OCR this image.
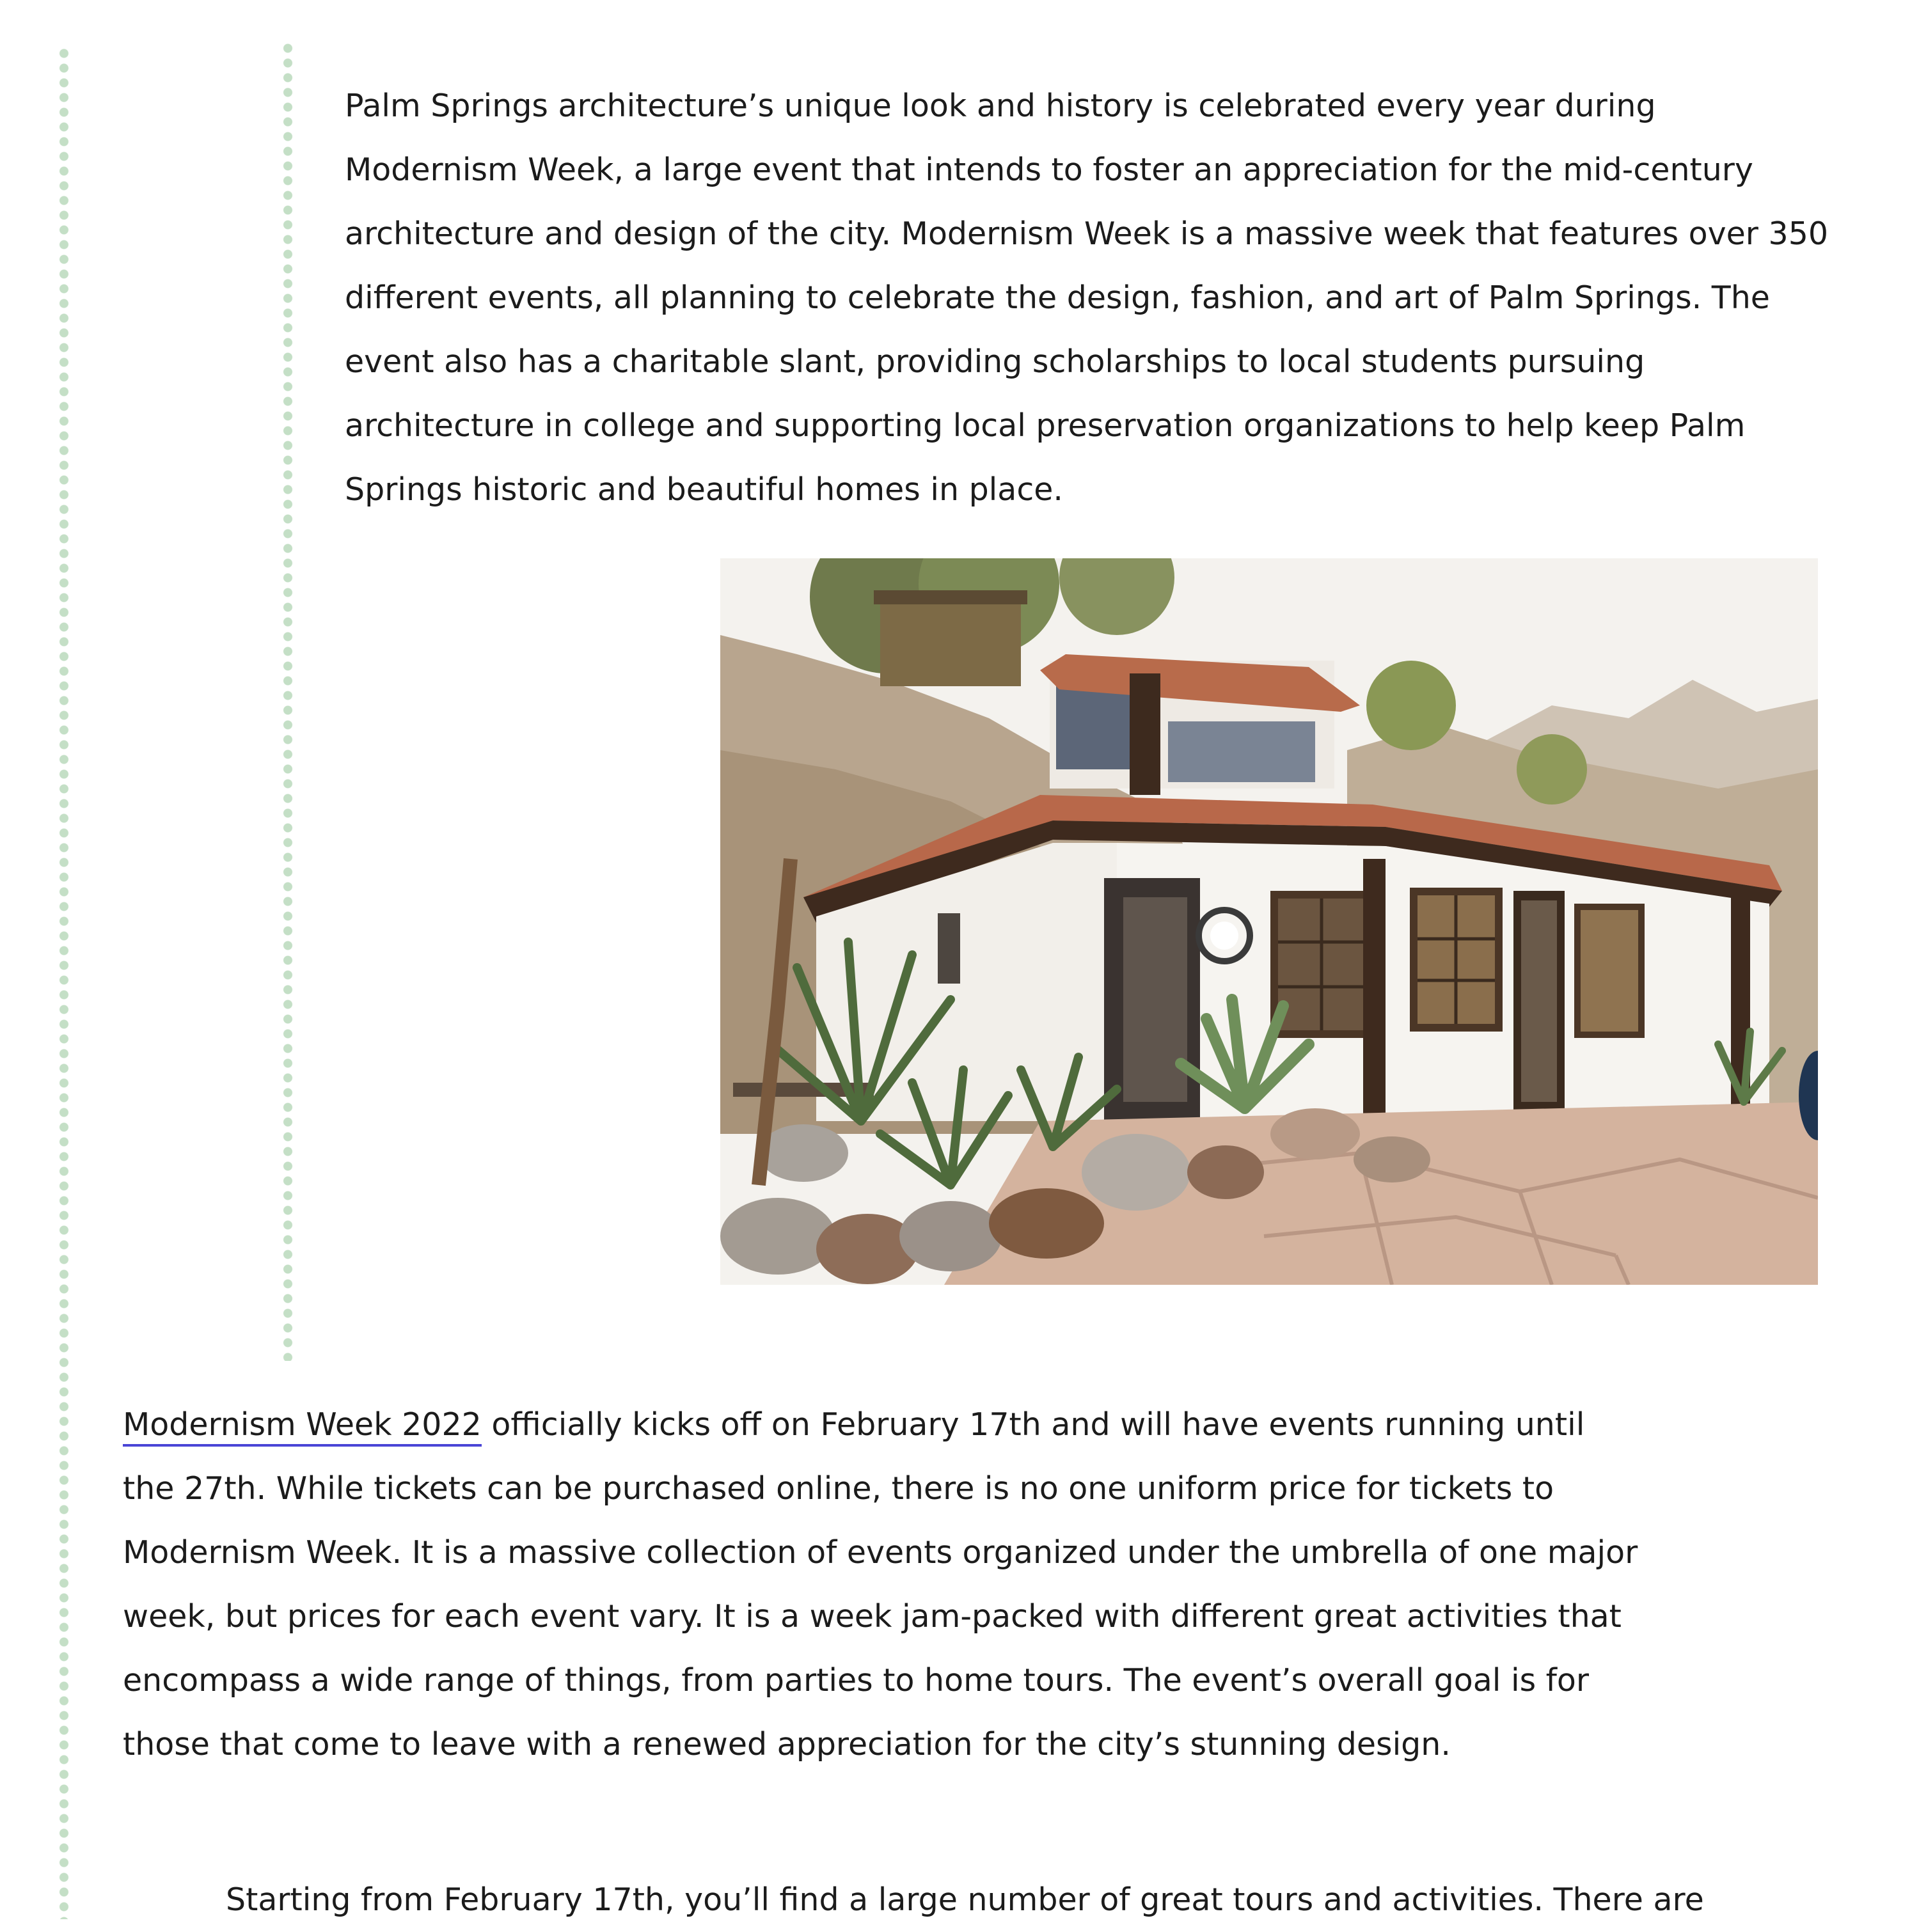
Palm Springs architecture’s unique look and history is celebrated every year during Modernism Week, a large event that intends to foster an appreciation for the mid-century architecture and design of the city. Modernism Week is a massive week that features over 350 different events, all planning to celebrate the design, fashion, and art of Palm Springs. The event also has a charitable slant, providing scholarships to local students pursuing architecture in college and supporting local preservation organizations to help keep Palm Springs historic and beautiful homes in place.

Modernism Week 2022 officially kicks off on February 17th and will have events running until the 27th. While tickets can be purchased online, there is no one uniform price for tickets to Modernism Week. It is a massive collection of events organized under the umbrella of one major week, but prices for each event vary. It is a week jam-packed with different great activities that encompass a wide range of things, from parties to home tours. The event’s overall goal is for those that come to leave with a renewed appreciation for the city’s stunning design.

Starting from February 17th, you’ll find a large number of great tours and activities. There are
